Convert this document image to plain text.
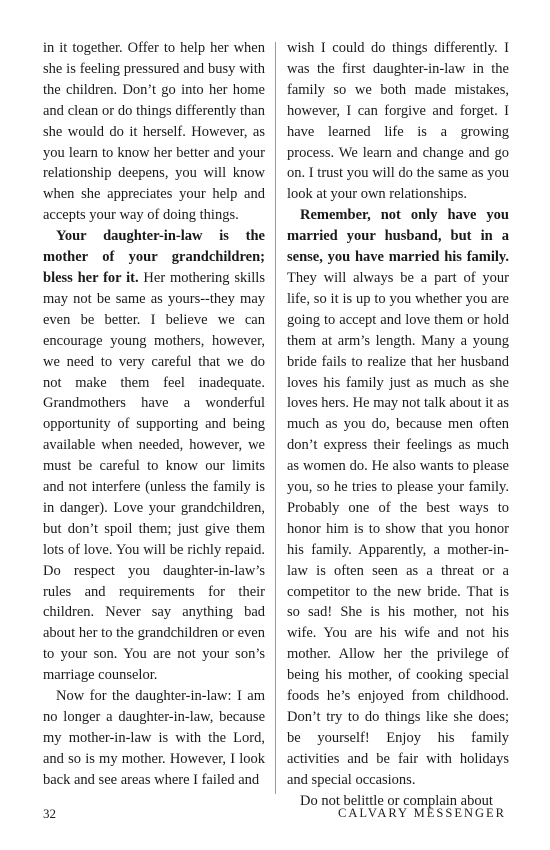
in it together. Offer to help her when she is feeling pressured and busy with the children. Don’t go into her home and clean or do things differently than she would do it herself. However, as you learn to know her better and your relationship deepens, you will know when she appreciates your help and accepts your way of doing things.

Your daughter-in-law is the mother of your grandchildren; bless her for it. Her mothering skills may not be same as yours--they may even be better. I believe we can encourage young mothers, however, we need to very careful that we do not make them feel inadequate. Grandmothers have a wonderful opportunity of supporting and being available when needed, however, we must be careful to know our limits and not interfere (unless the family is in danger). Love your grandchildren, but don’t spoil them; just give them lots of love. You will be richly repaid. Do respect you daughter-in-law’s rules and requirements for their children. Never say anything bad about her to the grandchildren or even to your son. You are not your son’s marriage counselor.

Now for the daughter-in-law: I am no longer a daughter-in-law, because my mother-in-law is with the Lord, and so is my mother. However, I look back and see areas where I failed and

wish I could do things differently. I was the first daughter-in-law in the family so we both made mistakes, however, I can forgive and forget. I have learned life is a growing process. We learn and change and go on. I trust you will do the same as you look at your own relationships.

Remember, not only have you married your husband, but in a sense, you have married his family. They will always be a part of your life, so it is up to you whether you are going to accept and love them or hold them at arm’s length. Many a young bride fails to realize that her husband loves his family just as much as she loves hers. He may not talk about it as much as you do, because men often don’t express their feelings as much as women do. He also wants to please you, so he tries to please your family. Probably one of the best ways to honor him is to show that you honor his family. Apparently, a mother-in-law is often seen as a threat or a competitor to the new bride. That is so sad! She is his mother, not his wife. You are his wife and not his mother. Allow her the privilege of being his mother, of cooking special foods he’s enjoyed from childhood. Don’t try to do things like she does; be yourself! Enjoy his family activities and be fair with holidays and special occasions.

Do not belittle or complain about

32	CALVARY MESSENGER
